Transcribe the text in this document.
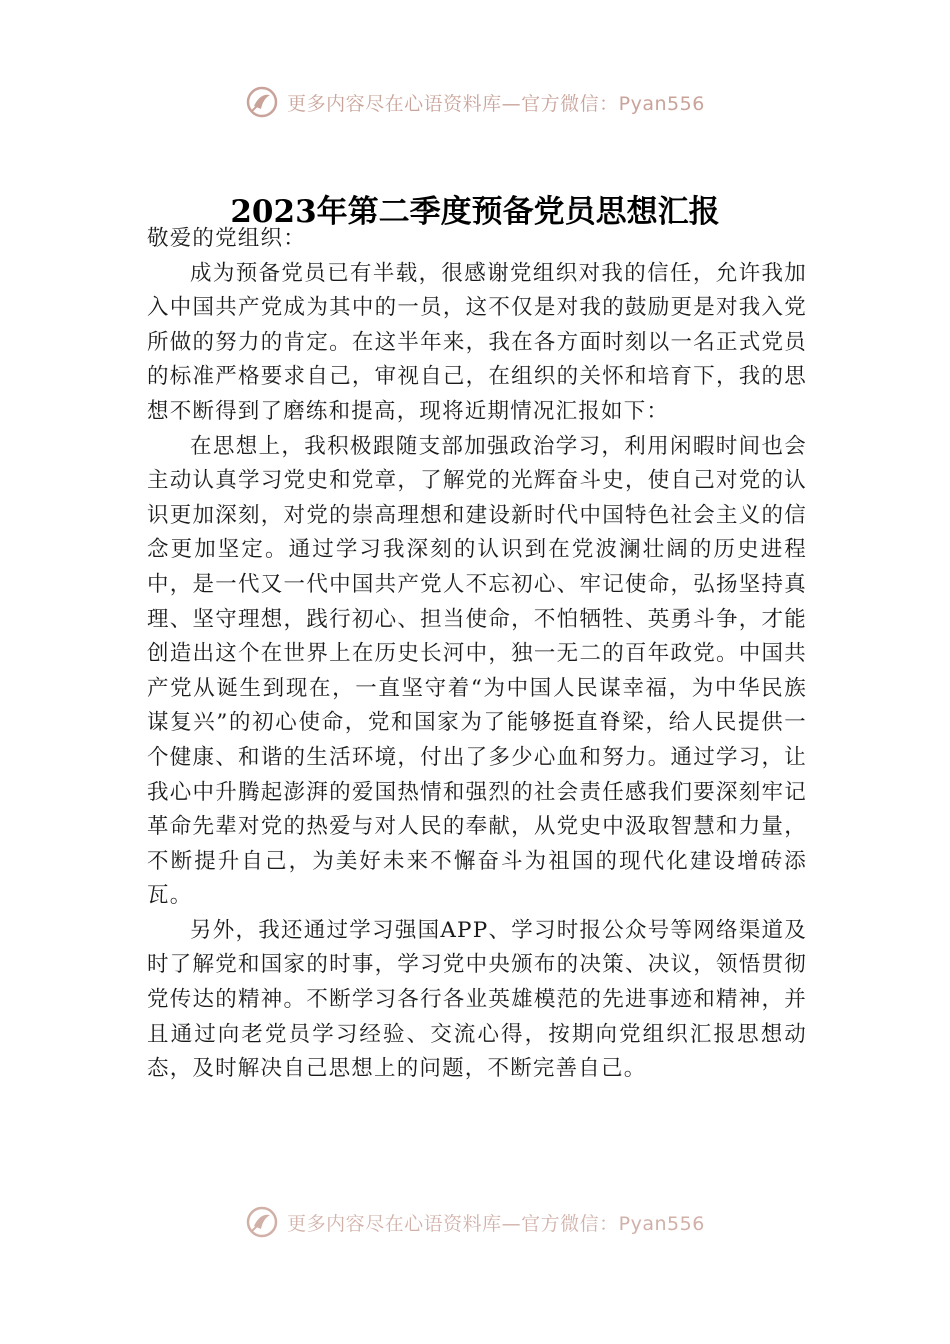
更多内容尽在心语资料库—官方微信：Pyan556
2023年第二季度预备党员思想汇报

敬爱的党组织：

成为预备党员已有半载，很感谢党组织对我的信任，允许我加入中国共产党成为其中的一员，这不仅是对我的鼓励更是对我入党所做的努力的肯定。在这半年来，我在各方面时刻以一名正式党员的标准严格要求自己，审视自己，在组织的关怀和培育下，我的思想不断得到了磨练和提高，现将近期情况汇报如下：

在思想上，我积极跟随支部加强政治学习，利用闲暇时间也会主动认真学习党史和党章，了解党的光辉奋斗史，使自己对党的认识更加深刻，对党的崇高理想和建设新时代中国特色社会主义的信念更加坚定。通过学习我深刻的认识到在党波澜壮阔的历史进程中，是一代又一代中国共产党人不忘初心、牢记使命，弘扬坚持真理、坚守理想，践行初心、担当使命，不怕牺牲、英勇斗争，才能创造出这个在世界上在历史长河中，独一无二的百年政党。中国共产党从诞生到现在，一直坚守着“为中国人民谋幸福，为中华民族谋复兴”的初心使命，党和国家为了能够挺直脊梁，给人民提供一个健康、和谐的生活环境，付出了多少心血和努力。通过学习，让我心中升腾起澎湃的爱国热情和强烈的社会责任感我们要深刻牢记革命先辈对党的热爱与对人民的奉献，从党史中汲取智慧和力量，不断提升自己，为美好未来不懈奋斗为祖国的现代化建设增砖添瓦。

另外，我还通过学习强国APP、学习时报公众号等网络渠道及时了解党和国家的时事，学习党中央颁布的决策、决议，领悟贯彻党传达的精神。不断学习各行各业英雄模范的先进事迹和精神，并且通过向老党员学习经验、交流心得，按期向党组织汇报思想动态，及时解决自己思想上的问题，不断完善自己。

更多内容尽在心语资料库—官方微信：Pyan556
